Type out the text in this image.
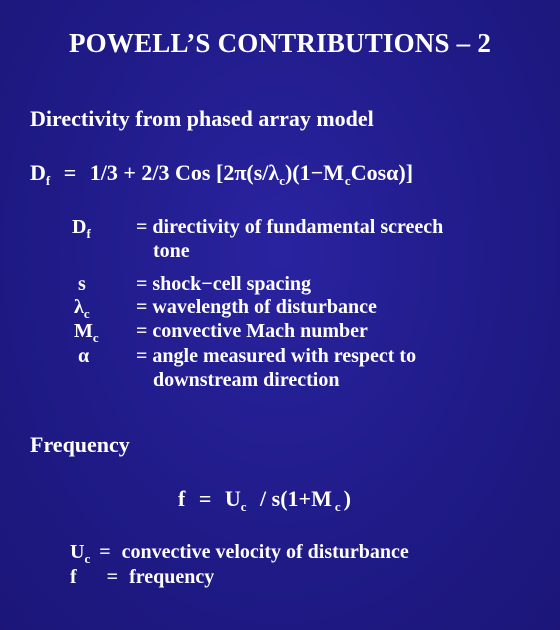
POWELL’S CONTRIBUTIONS – 2
Directivity from phased array model
$D_f = 1/3 + 2/3$ Cos $[2\pi(s/\lambda_c)(1-M_cCos\alpha)]$
$D_f$ = directivity of fundamental screech
tone
s	= shock−cell spacing
$\lambda_c$ = wavelength of disturbance
$M_c$ = convective Mach number
α = angle measured with respect to
downstream direction
Frequency
$f = U_c / s(1+M$ $_c$ )
$U_c$ = convective velocity of disturbance
f = frequency
